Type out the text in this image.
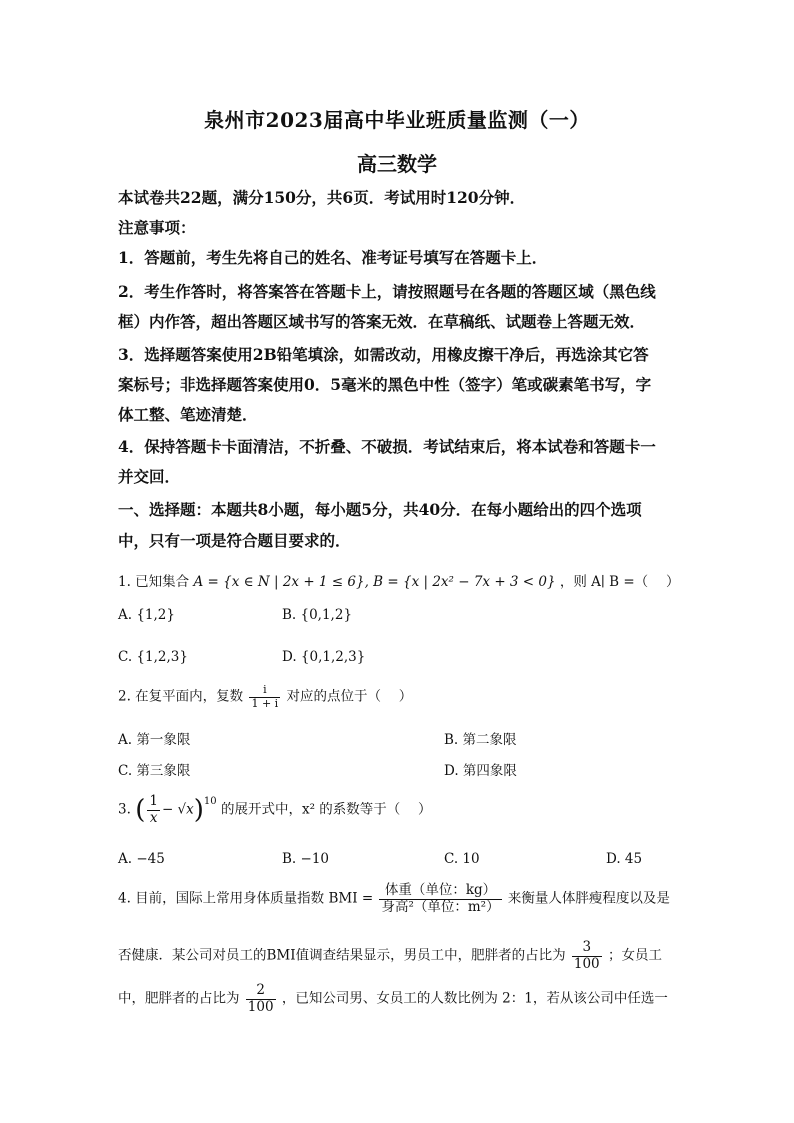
泉州市2023届高中毕业班质量监测（一）
高三数学
本试卷共22题，满分150分，共6页．考试用时120分钟．
注意事项：
1．答题前，考生先将自己的姓名、准考证号填写在答题卡上．
2．考生作答时，将答案答在答题卡上，请按照题号在各题的答题区域（黑色线
框）内作答，超出答题区域书写的答案无效．在草稿纸、试题卷上答题无效．
3．选择题答案使用2B铅笔填涂，如需改动，用橡皮擦干净后，再选涂其它答
案标号；非选择题答案使用0．5毫米的黑色中性（签字）笔或碳素笔书写，字
体工整、笔迹清楚．
4．保持答题卡卡面清洁，不折叠、不破损．考试结束后，将本试卷和答题卡一
并交回．
一、选择题：本题共8小题，每小题5分，共40分．在每小题给出的四个选项
中，只有一项是符合题目要求的．
1. 已知集合 A = {x ∈ N | 2x + 1 ≤ 6}, B = {x | 2x² − 7x + 3 < 0} ，则 A∣ B =（　 ）
A. {1,2}	B. {0,1,2}
C. {1,2,3}	D. {0,1,2,3}
2. 在复平面内，复数 $\frac{i}{1 + i}$ 对应的点位于（　 ）
A. 第一象限	B. 第二象限
C. 第三象限	D. 第四象限
3. ( $\frac{1}{x} - √x)^{10}$ 的展开式中，x² 的系数等于（　 ）
A. −45	B. −10	C. 10	D. 45
4. 目前，国际上常用身体质量指数 BMI = $\frac{\text{体重（单位：kg）}}{\text{身高²（单位：m²）}}$ 来衡量人体胖瘦程度以及是
否健康．某公司对员工的BMI值调查结果显示，男员工中，肥胖者的占比为 $\frac{3}{100}$ ；女员工
中，肥胖者的占比为 $\frac{2}{100}$ ，已知公司男、女员工的人数比例为 2：1，若从该公司中任选一
